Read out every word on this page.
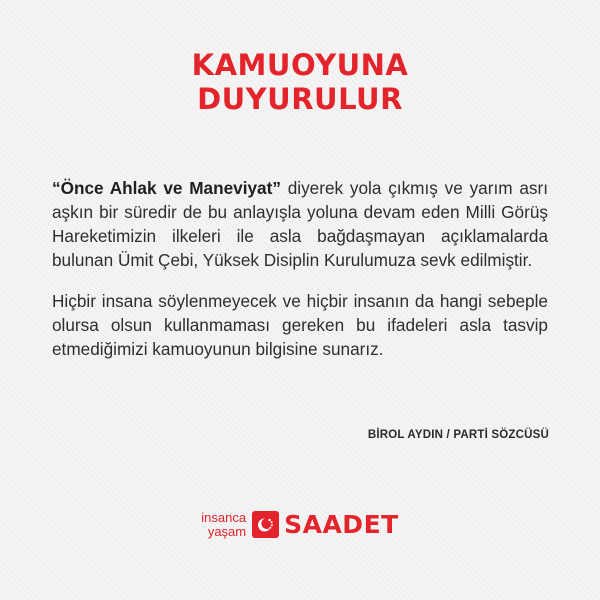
KAMUOYUNA
DUYURULUR

“Önce Ahlak ve Maneviyat” diyerek yola çıkmış ve yarım asrı aşkın bir süredir de bu anlayışla yoluna devam eden Milli Görüş Hareketimizin ilkeleri ile asla bağdaşmayan açıklamalarda bulunan Ümit Çebi, Yüksek Disiplin Kurulumuza sevk edilmiştir.

Hiçbir insana söylenmeyecek ve hiçbir insanın da hangi sebeple olursa olsun kullanmaması gereken bu ifadeleri asla tasvip etmediğimizi kamuoyunun bilgisine sunarız.

BİROL AYDIN / PARTİ SÖZCÜSÜ
insanca
yaşam SAADET
